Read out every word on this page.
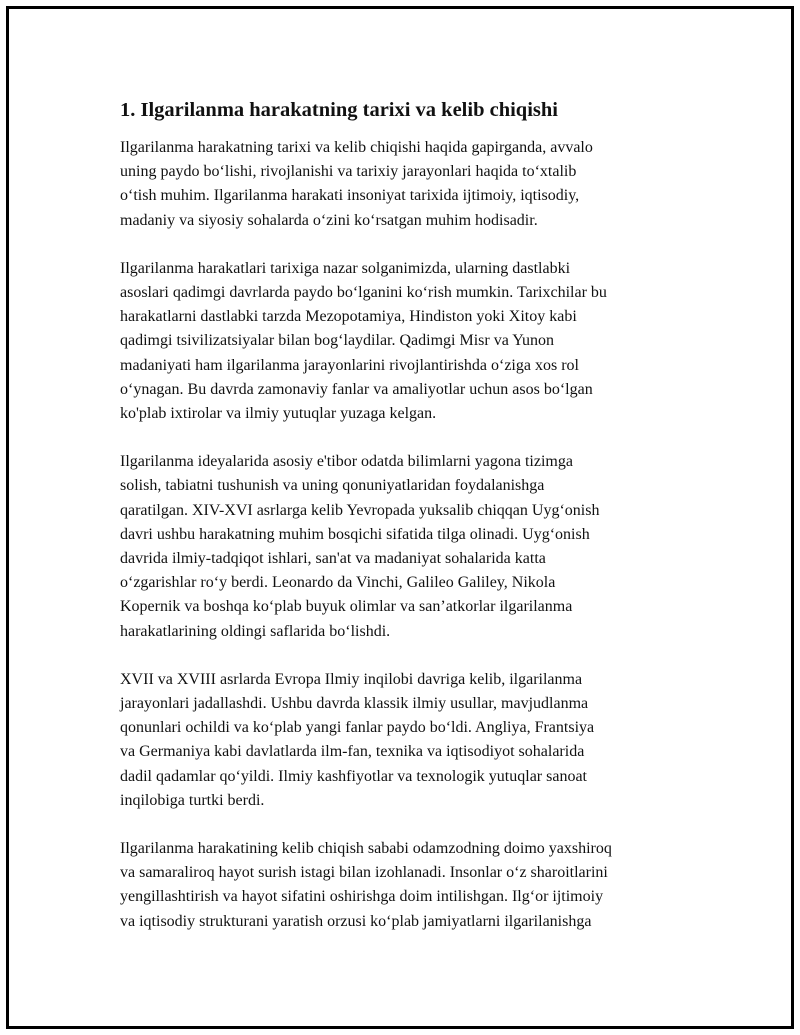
1. Ilgarilanma harakatning tarixi va kelib chiqishi

Ilgarilanma harakatning tarixi va kelib chiqishi haqida gapirganda, avvalo
uning paydo bo‘lishi, rivojlanishi va tarixiy jarayonlari haqida to‘xtalib
o‘tish muhim. Ilgarilanma harakati insoniyat tarixida ijtimoiy, iqtisodiy,
madaniy va siyosiy sohalarda o‘zini ko‘rsatgan muhim hodisadir.

Ilgarilanma harakatlari tarixiga nazar solganimizda, ularning dastlabki
asoslari qadimgi davrlarda paydo bo‘lganini ko‘rish mumkin. Tarixchilar bu
harakatlarni dastlabki tarzda Mezopotamiya, Hindiston yoki Xitoy kabi
qadimgi tsivilizatsiyalar bilan bog‘laydilar. Qadimgi Misr va Yunon
madaniyati ham ilgarilanma jarayonlarini rivojlantirishda o‘ziga xos rol
o‘ynagan. Bu davrda zamonaviy fanlar va amaliyotlar uchun asos bo‘lgan
ko'plab ixtirolar va ilmiy yutuqlar yuzaga kelgan.

Ilgarilanma ideyalarida asosiy e'tibor odatda bilimlarni yagona tizimga
solish, tabiatni tushunish va uning qonuniyatlaridan foydalanishga
qaratilgan. XIV-XVI asrlarga kelib Yevropada yuksalib chiqqan Uyg‘onish
davri ushbu harakatning muhim bosqichi sifatida tilga olinadi. Uyg‘onish
davrida ilmiy-tadqiqot ishlari, san'at va madaniyat sohalarida katta
o‘zgarishlar ro‘y berdi. Leonardo da Vinchi, Galileo Galiley, Nikola
Kopernik va boshqa ko‘plab buyuk olimlar va san’atkorlar ilgarilanma
harakatlarining oldingi saflarida bo‘lishdi.

XVII va XVIII asrlarda Evropa Ilmiy inqilobi davriga kelib, ilgarilanma
jarayonlari jadallashdi. Ushbu davrda klassik ilmiy usullar, mavjudlanma
qonunlari ochildi va ko‘plab yangi fanlar paydo bo‘ldi. Angliya, Frantsiya
va Germaniya kabi davlatlarda ilm-fan, texnika va iqtisodiyot sohalarida
dadil qadamlar qo‘yildi. Ilmiy kashfiyotlar va texnologik yutuqlar sanoat
inqilobiga turtki berdi.

Ilgarilanma harakatining kelib chiqish sababi odamzodning doimo yaxshiroq
va samaraliroq hayot surish istagi bilan izohlanadi. Insonlar o‘z sharoitlarini
yengillashtirish va hayot sifatini oshirishga doim intilishgan. Ilg‘or ijtimoiy
va iqtisodiy strukturani yaratish orzusi ko‘plab jamiyatlarni ilgarilanishga
